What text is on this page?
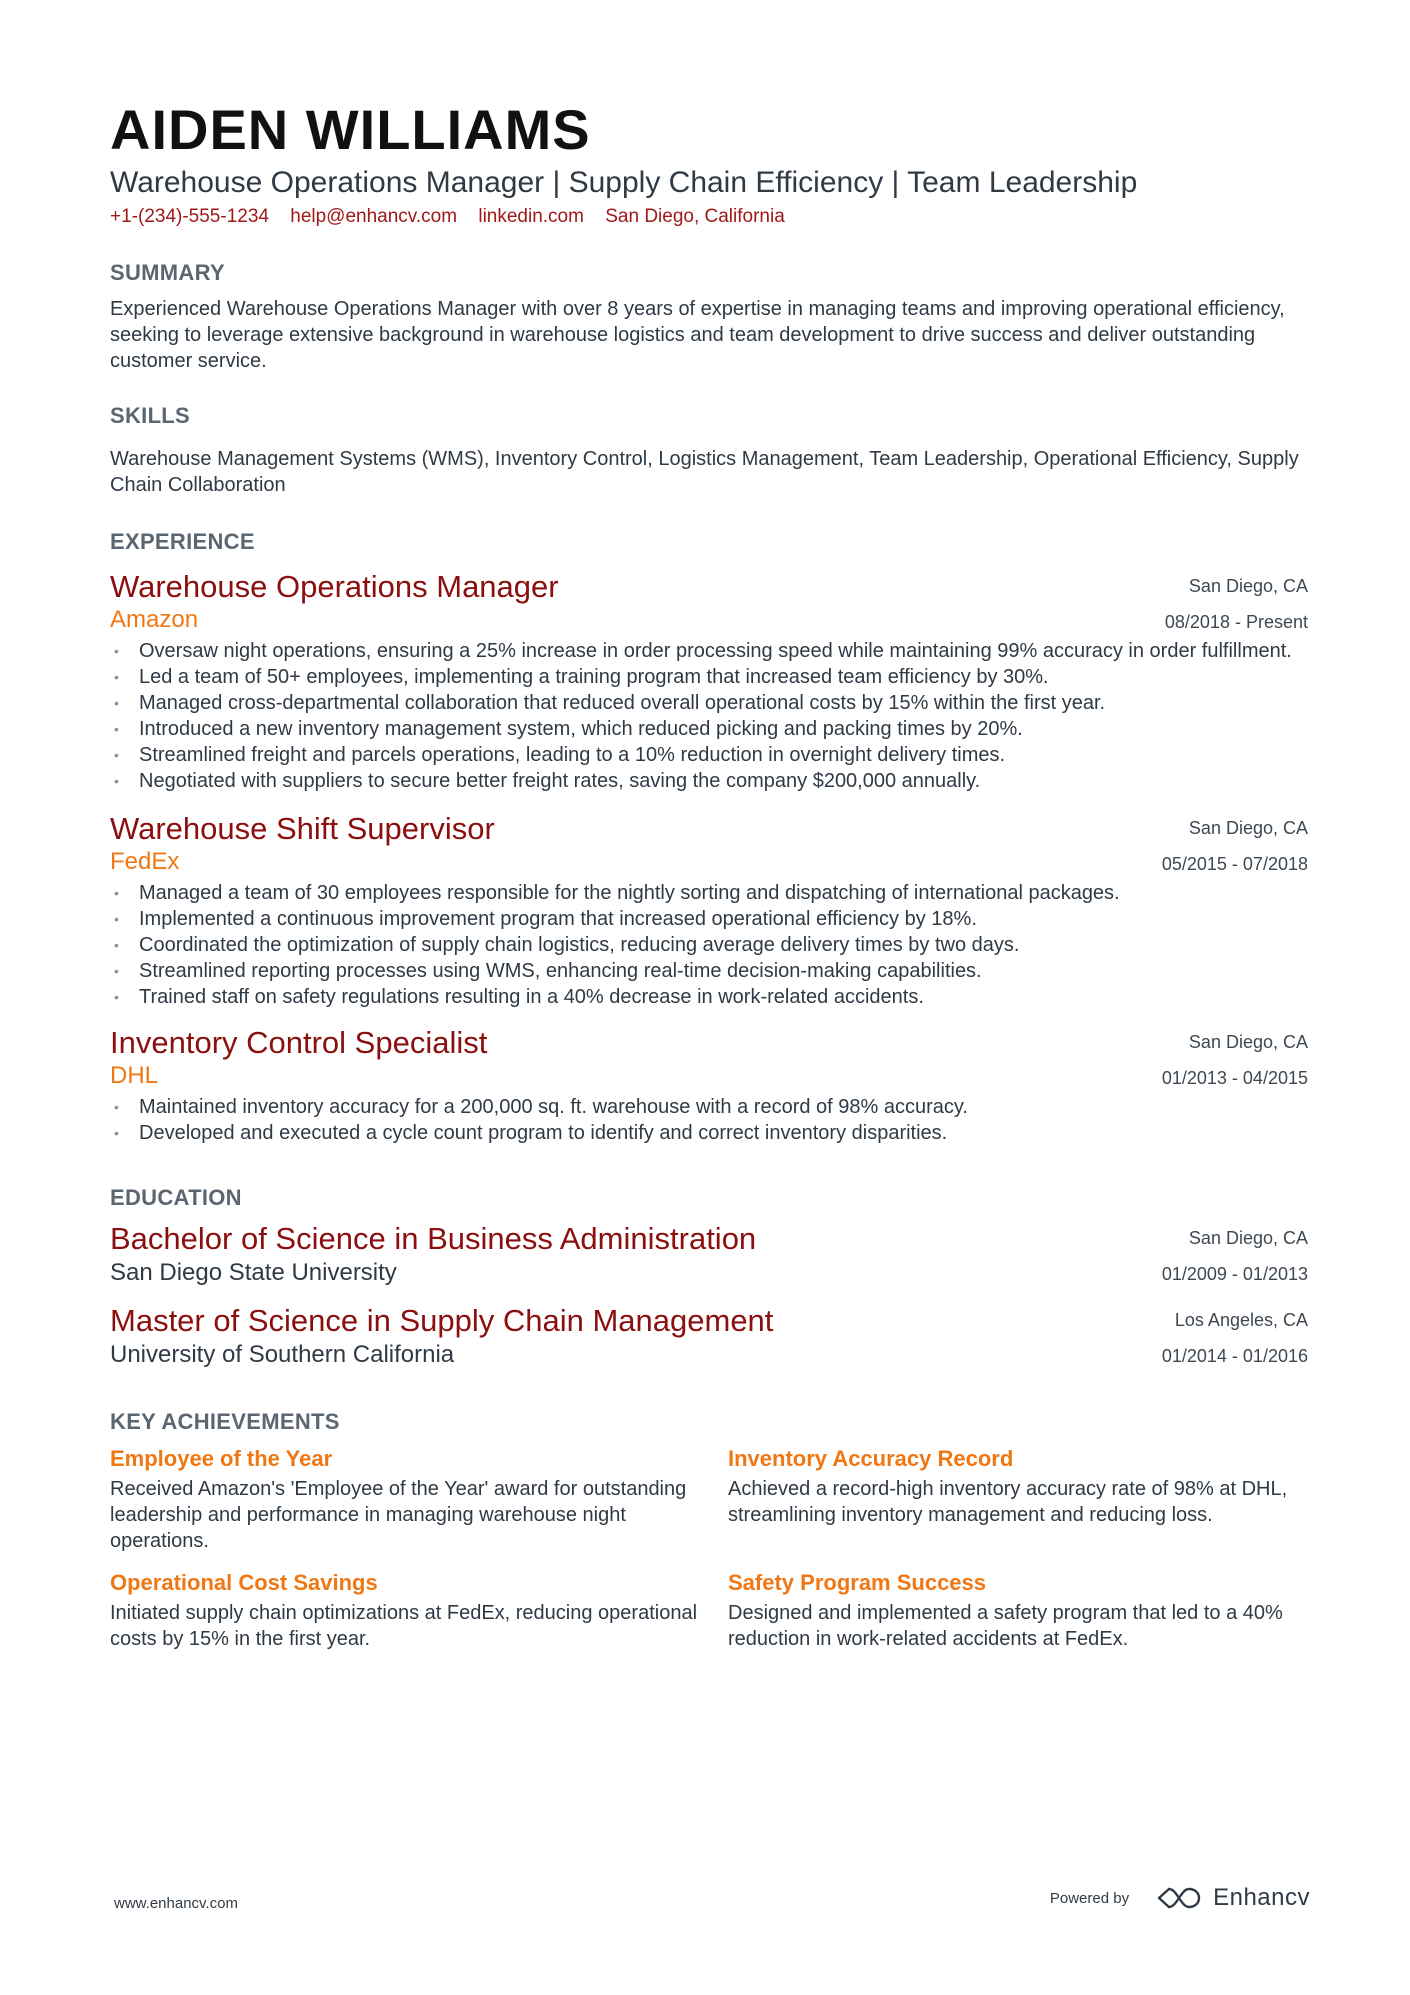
AIDEN WILLIAMS
Warehouse Operations Manager | Supply Chain Efficiency | Team Leadership
+1-(234)-555-1234 help@enhancv.com linkedin.com San Diego, California
SUMMARY
Experienced Warehouse Operations Manager with over 8 years of expertise in managing teams and improving operational efficiency, seeking to leverage extensive background in warehouse logistics and team development to drive success and deliver outstanding customer service.
SKILLS
Warehouse Management Systems (WMS), Inventory Control, Logistics Management, Team Leadership, Operational Efficiency, Supply Chain Collaboration
EXPERIENCE
Warehouse Operations Manager
Amazon
San Diego, CA
08/2018 - Present
• Oversaw night operations, ensuring a 25% increase in order processing speed while maintaining 99% accuracy in order fulfillment.
• Led a team of 50+ employees, implementing a training program that increased team efficiency by 30%.
• Managed cross-departmental collaboration that reduced overall operational costs by 15% within the first year.
• Introduced a new inventory management system, which reduced picking and packing times by 20%.
• Streamlined freight and parcels operations, leading to a 10% reduction in overnight delivery times.
• Negotiated with suppliers to secure better freight rates, saving the company $200,000 annually.
Warehouse Shift Supervisor
FedEx
San Diego, CA
05/2015 - 07/2018
• Managed a team of 30 employees responsible for the nightly sorting and dispatching of international packages.
• Implemented a continuous improvement program that increased operational efficiency by 18%.
• Coordinated the optimization of supply chain logistics, reducing average delivery times by two days.
• Streamlined reporting processes using WMS, enhancing real-time decision-making capabilities.
• Trained staff on safety regulations resulting in a 40% decrease in work-related accidents.
Inventory Control Specialist
DHL
San Diego, CA
01/2013 - 04/2015
• Maintained inventory accuracy for a 200,000 sq. ft. warehouse with a record of 98% accuracy.
• Developed and executed a cycle count program to identify and correct inventory disparities.
EDUCATION
Bachelor of Science in Business Administration
San Diego State University
San Diego, CA
01/2009 - 01/2013
Master of Science in Supply Chain Management
University of Southern California
Los Angeles, CA
01/2014 - 01/2016
KEY ACHIEVEMENTS
Employee of the Year
Received Amazon's 'Employee of the Year' award for outstanding leadership and performance in managing warehouse night operations.
Inventory Accuracy Record
Achieved a record-high inventory accuracy rate of 98% at DHL, streamlining inventory management and reducing loss.
Operational Cost Savings
Initiated supply chain optimizations at FedEx, reducing operational costs by 15% in the first year.
Safety Program Success
Designed and implemented a safety program that led to a 40% reduction in work-related accidents at FedEx.
www.enhancv.com	Powered by	Enhancv
